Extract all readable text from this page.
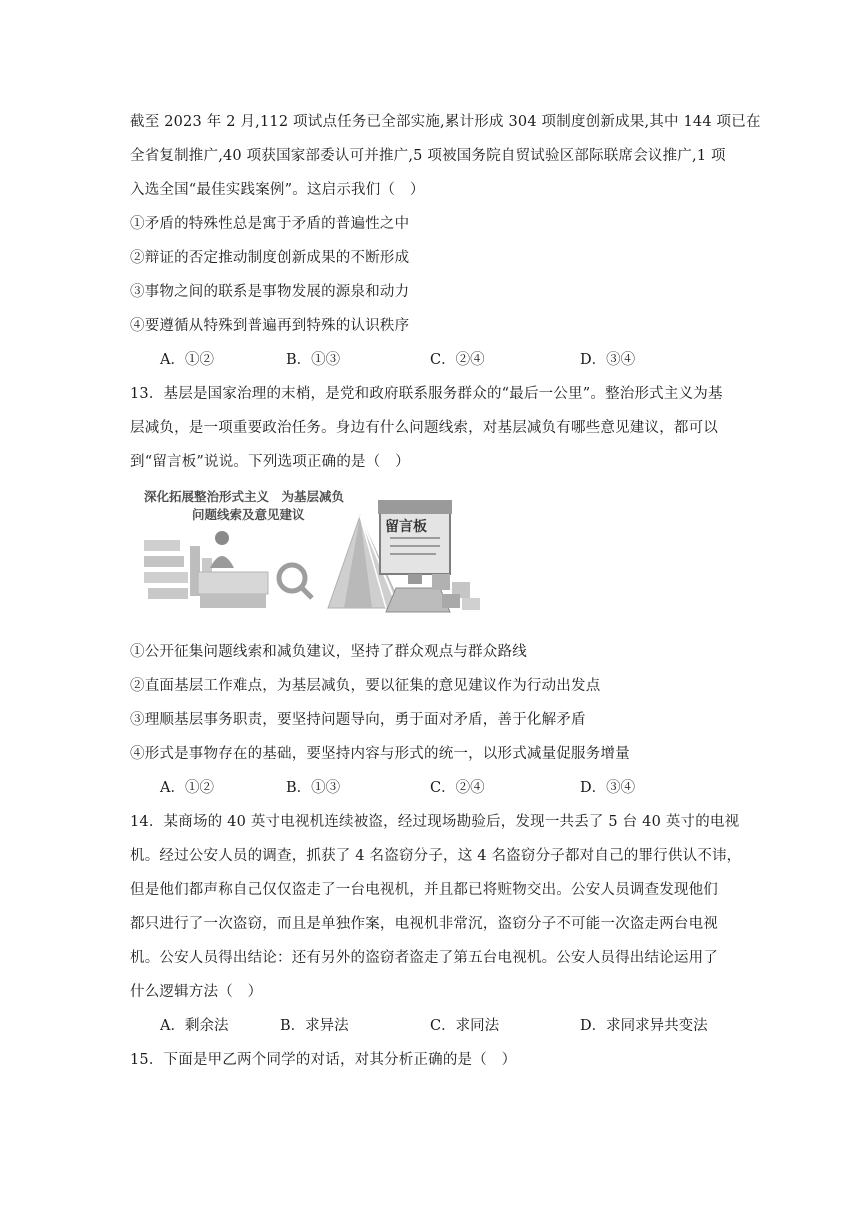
截至 2023 年 2 月,112 项试点任务已全部实施,累计形成 304 项制度创新成果,其中 144 项已在
全省复制推广,40 项获国家部委认可并推广,5 项被国务院自贸试验区部际联席会议推广,1 项
入选全国“最佳实践案例”。这启示我们（　）
①矛盾的特殊性总是寓于矛盾的普遍性之中
②辩证的否定推动制度创新成果的不断形成
③事物之间的联系是事物发展的源泉和动力
④要遵循从特殊到普遍再到特殊的认识秩序
A．①②	B．①③	C．②④	D．③④
13．基层是国家治理的末梢，是党和政府联系服务群众的“最后一公里”。整治形式主义为基
层减负，是一项重要政治任务。身边有什么问题线索，对基层减负有哪些意见建议，都可以
到“留言板”说说。下列选项正确的是（　）
深化拓展整治形式主义　为基层减负
问题线索及意见建议
留言板
①公开征集问题线索和减负建议，坚持了群众观点与群众路线
②直面基层工作难点，为基层减负，要以征集的意见建议作为行动出发点
③理顺基层事务职责，要坚持问题导向，勇于面对矛盾，善于化解矛盾
④形式是事物存在的基础，要坚持内容与形式的统一，以形式减量促服务增量
A．①②	B．①③	C．②④	D．③④
14．某商场的 40 英寸电视机连续被盗，经过现场勘验后，发现一共丢了 5 台 40 英寸的电视
机。经过公安人员的调查，抓获了 4 名盗窃分子，这 4 名盗窃分子都对自己的罪行供认不讳，
但是他们都声称自己仅仅盗走了一台电视机，并且都已将赃物交出。公安人员调查发现他们
都只进行了一次盗窃，而且是单独作案，电视机非常沉，盗窃分子不可能一次盗走两台电视
机。公安人员得出结论：还有另外的盗窃者盗走了第五台电视机。公安人员得出结论运用了
什么逻辑方法（　）
A．剩余法	B．求异法	C．求同法	D．求同求异共变法
15．下面是甲乙两个同学的对话，对其分析正确的是（　）
